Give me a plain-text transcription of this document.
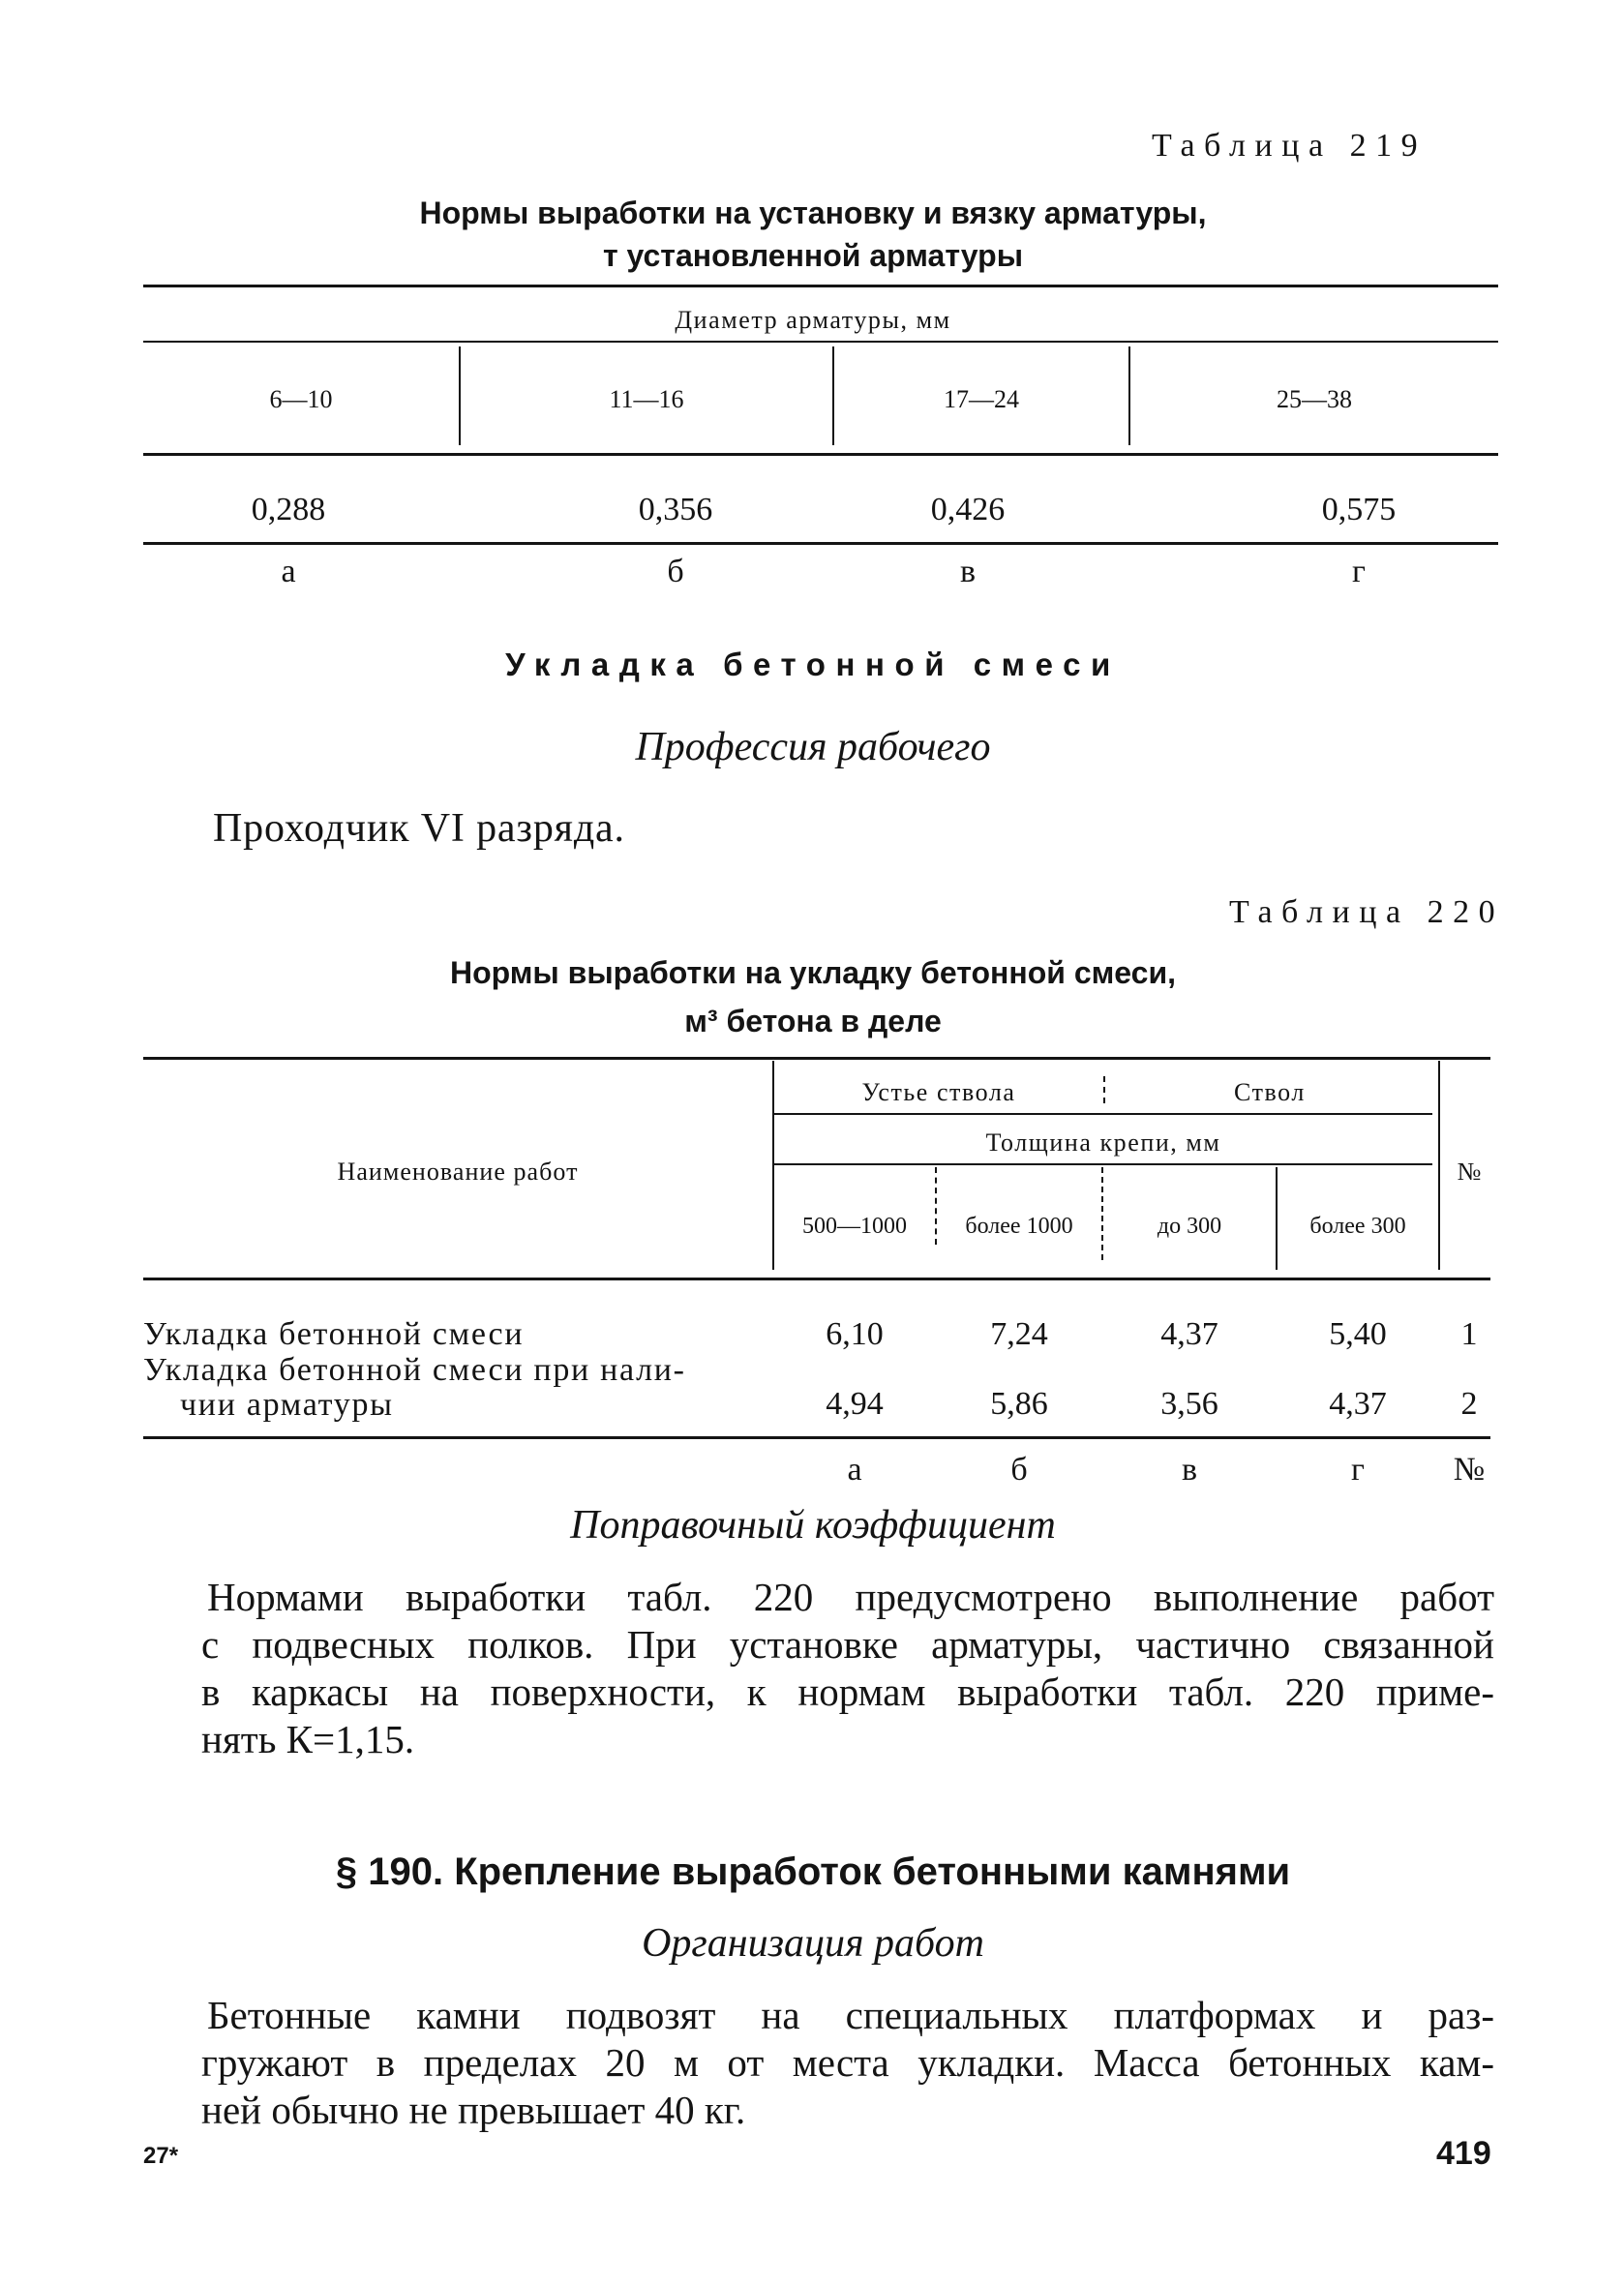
Таблица 219
Нормы выработки на установку и вязку арматуры,
т установленной арматуры
Диаметр арматуры, мм
6—10	11—16	17—24	25—38
0,288	0,356	0,426	0,575
а	б	в	г
Укладка бетонной смеси
Профессия рабочего
Проходчик VI разряда.
Таблица 220
Нормы выработки на укладку бетонной смеси,
м³ бетона в деле
Наименование работ
Устье ствола	Ствол
Толщина крепи, мм
500—1000	более 1000	до 300	более 300
№
Укладка бетонной смеси	6,10	7,24	4,37	5,40	1
Укладка бетонной смеси при нали-
чии арматуры	4,94	5,86	3,56	4,37	2
а	б	в	г	№
Поправочный коэффициент
Нормами выработки табл. 220 предусмотрено выполнение работ
с подвесных полков. При установке арматуры, частично связанной
в каркасы на поверхности, к нормам выработки табл. 220 приме-
нять К=1,15.
§ 190. Крепление выработок бетонными камнями
Организация работ
Бетонные камни подвозят на специальных платформах и раз-
гружают в пределах 20 м от места укладки. Масса бетонных кам-
ней обычно не превышает 40 кг.
27*	419
